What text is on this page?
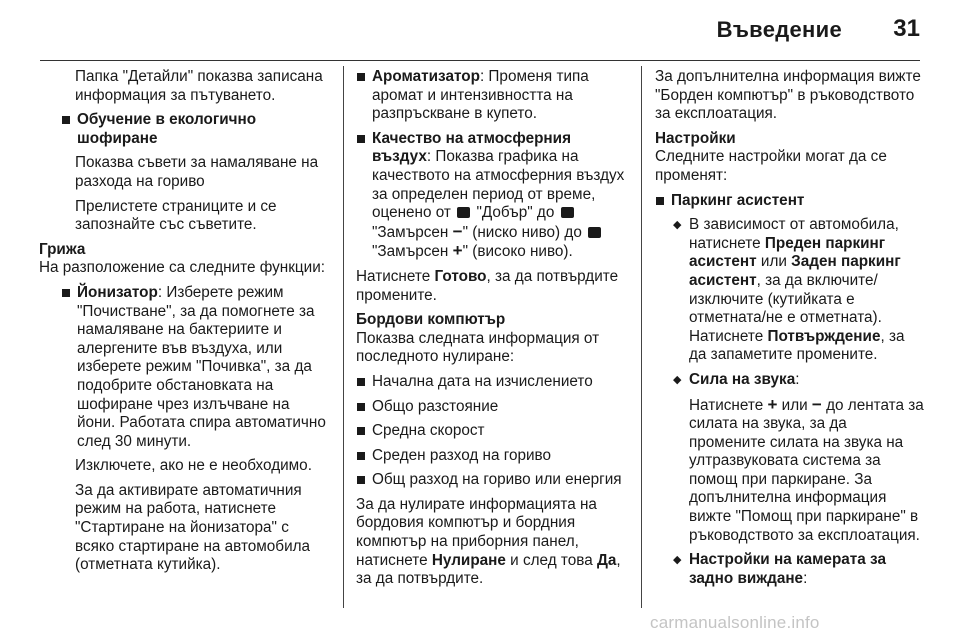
Въведение 31

Папка "Детайли" показва записана информация за пътуването.

Обучение в екологично шофиране

Показва съвети за намаляване на разхода на гориво

Прелистете страниците и се запознайте със съветите.

Грижа

На разположение са следните функции:

Йонизатор: Изберете режим "Почистване", за да помогнете за намаляване на бактериите и алергените във въздуха, или изберете режим "Почивка", за да подобрите обстановката на шофиране чрез излъчване на йони. Работата спира автоматично след 30 минути.

Изключете, ако не е необходимо.

За да активирате автоматичния режим на работа, натиснете "Стартиране на йонизатора" с всяко стартиране на автомобила (отметната кутийка).

Ароматизатор: Променя типа аромат и интензивността на разпръскване в купето.
Качество на атмосферния въздух: Показва графика на качеството на атмосферния въздух за определен период от време, оценено от  "Добър" до  "Замърсен −" (ниско ниво) до  "Замърсен +" (високо ниво).

Натиснете Готово, за да потвърдите промените.

Бордови компютър

Показва следната информация от последното нулиране:

Начална дата на изчислението
Общо разстояние
Средна скорост
Среден разход на гориво
Общ разход на гориво или енергия

За да нулирате информацията на бордовия компютър и бордния компютър на приборния панел, натиснете Нулиране и след това Да, за да потвърдите.

За допълнителна информация вижте "Борден компютър" в ръководството за експлоатация.

Настройки

Следните настройки могат да се променят:

Паркинг асистент
◆ В зависимост от автомобила, натиснете Преден паркинг асистент или Заден паркинг асистент, за да включите/изключите (кутийката е отметната/не е отметната). Натиснете Потвърждение, за да запаметите промените.
◆ Сила на звука:

Натиснете + или − до лентата за силата на звука, за да промените силата на звука на ултразвуковата система за помощ при паркиране. За допълнителна информация вижте "Помощ при паркиране" в ръководството за експлоатация.

◆ Настройки на камерата за задно виждане:
carmanualsonline.info
